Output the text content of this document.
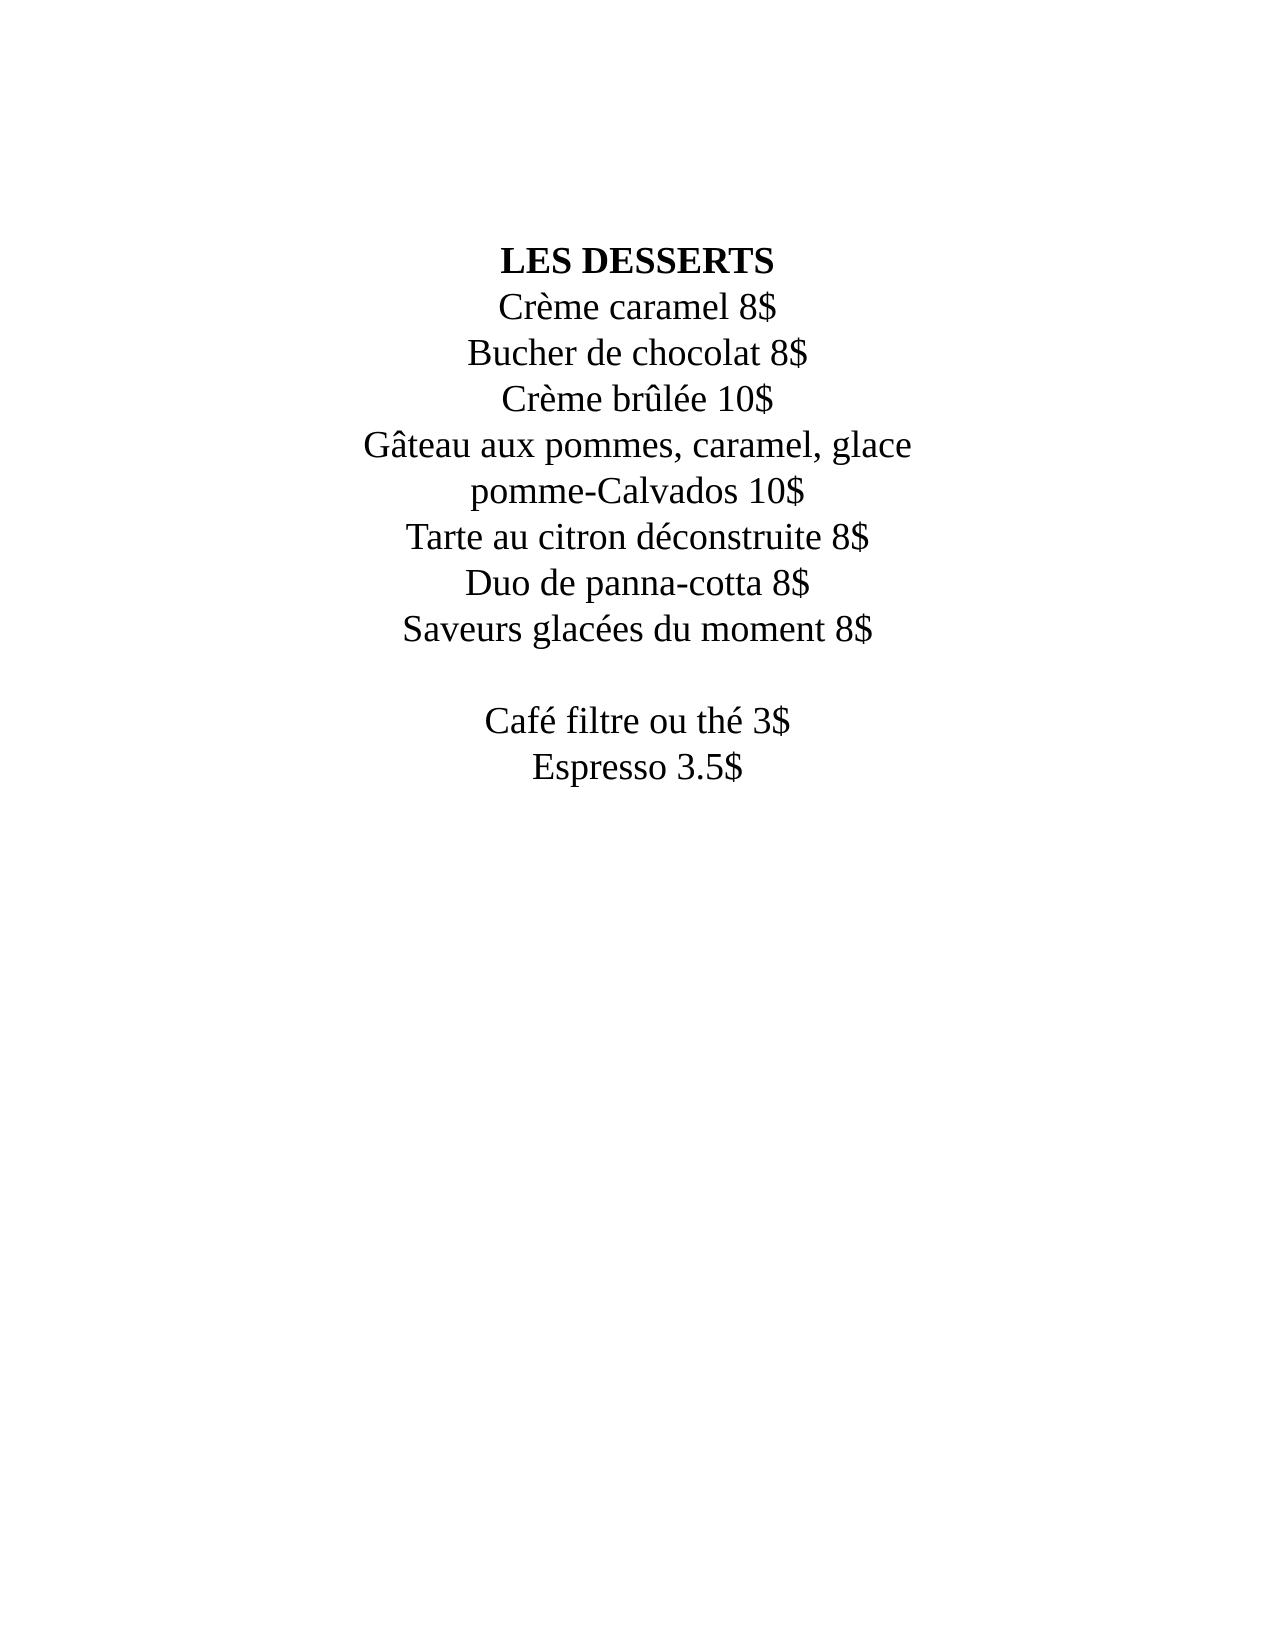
LES DESSERTS
Crème caramel 8$
Bucher de chocolat 8$
Crème brûlée 10$
Gâteau aux pommes, caramel, glace
pomme-Calvados 10$
Tarte au citron déconstruite 8$
Duo de panna-cotta 8$
Saveurs glacées du moment 8$
Café filtre ou thé 3$
Espresso 3.5$
